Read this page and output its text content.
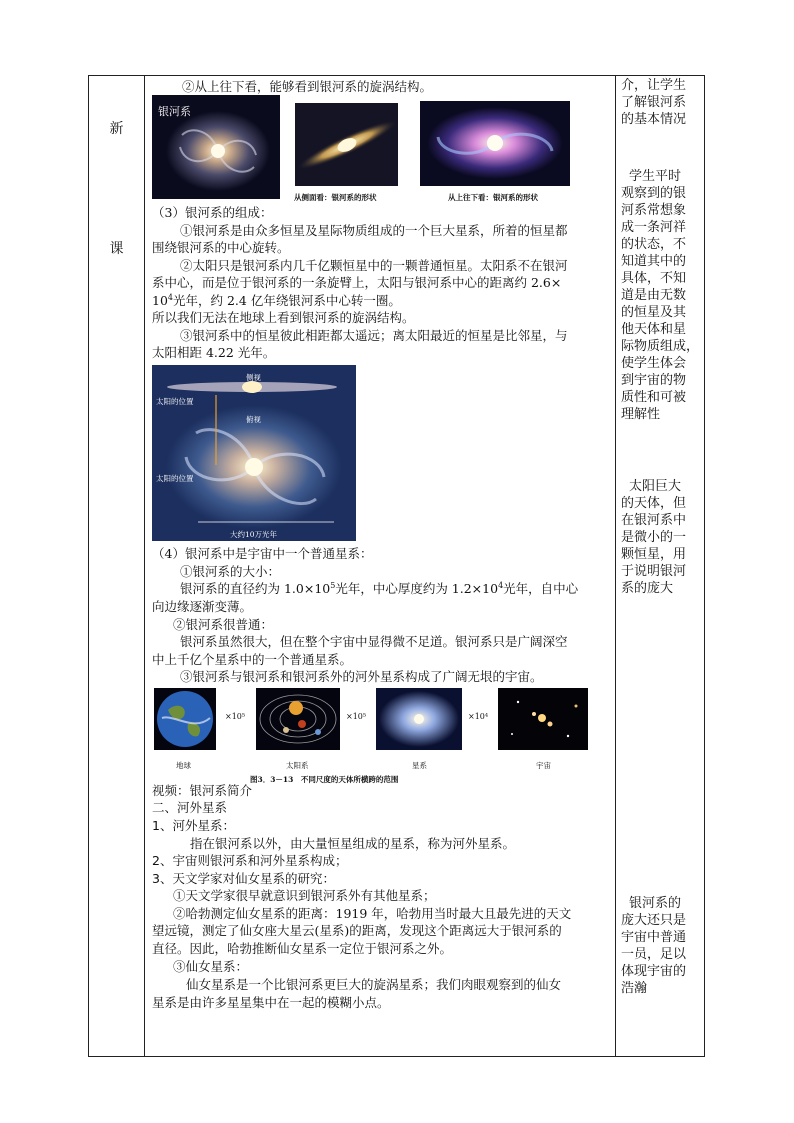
新
课
②从上往下看，能够看到银河系的旋涡结构。
银河系
从侧面看：银河系的形状	从上往下看：银河系的形状
（3）银河系的组成：
①银河系是由众多恒星及星际物质组成的一个巨大星系，所着的恒星都
围绕银河系的中心旋转。
②太阳只是银河系内几千亿颗恒星中的一颗普通恒星。太阳系不在银河
系中心，而是位于银河系的一条旋臂上，太阳与银河系中心的距离约 2.6×
$10^4$光年，约 2.4 亿年绕银河系中心转一圈。
所以我们无法在地球上看到银河系的旋涡结构。
③银河系中的恒星彼此相距都太遥远；离太阳最近的恒星是比邻星，与
太阳相距 4.22 光年。
侧视
太阳的位置
俯视
太阳的位置
大约10万光年
（4）银河系中是宇宙中一个普通星系：
①银河系的大小：
银河系的直径约为 $1.0\times 10^5$光年，中心厚度约为 $1.2\times 10^4$光年，自中心
向边缘逐渐变薄。
②银河系很普通：
银河系虽然很大，但在整个宇宙中显得微不足道。银河系只是广阔深空
中上千亿个星系中的一个普通星系。
③银河系与银河系和银河系外的河外星系构成了广阔无垠的宇宙。
×10⁵	×10⁵	×10⁴
地球	太阳系	星系	宇宙
图3．3－13　不同尺度的天体所横跨的范围
视频：银河系简介
二、河外星系
1、河外星系：
指在银河系以外，由大量恒星组成的星系，称为河外星系。
2、宇宙则银河系和河外星系构成；
3、天文学家对仙女星系的研究：
①天文学家很早就意识到银河系外有其他星系；
②哈勃测定仙女星系的距离：1919 年，哈勃用当时最大且最先进的天文
望远镜，测定了仙女座大星云(星系)的距离，发现这个距离远大于银河系的
直径。因此，哈勃推断仙女星系一定位于银河系之外。
③仙女星系：
仙女星系是一个比银河系更巨大的旋涡星系；我们肉眼观察到的仙女
星系是由许多星星集中在一起的模糊小点。
介，让学生
了解银河系
的基本情况
学生平时
观察到的银
河系常想象
成一条河祥
的状态，不
知道其中的
具体，不知
道是由无数
的恒星及其
他天体和星
际物质组成，
使学生体会
到宇宙的物
质性和可被
理解性
太阳巨大
的天体，但
在银河系中
是微小的一
颗恒星，用
于说明银河
系的庞大
银河系的
庞大还只是
宇宙中普通
一员，足以
体现宇宙的
浩瀚
